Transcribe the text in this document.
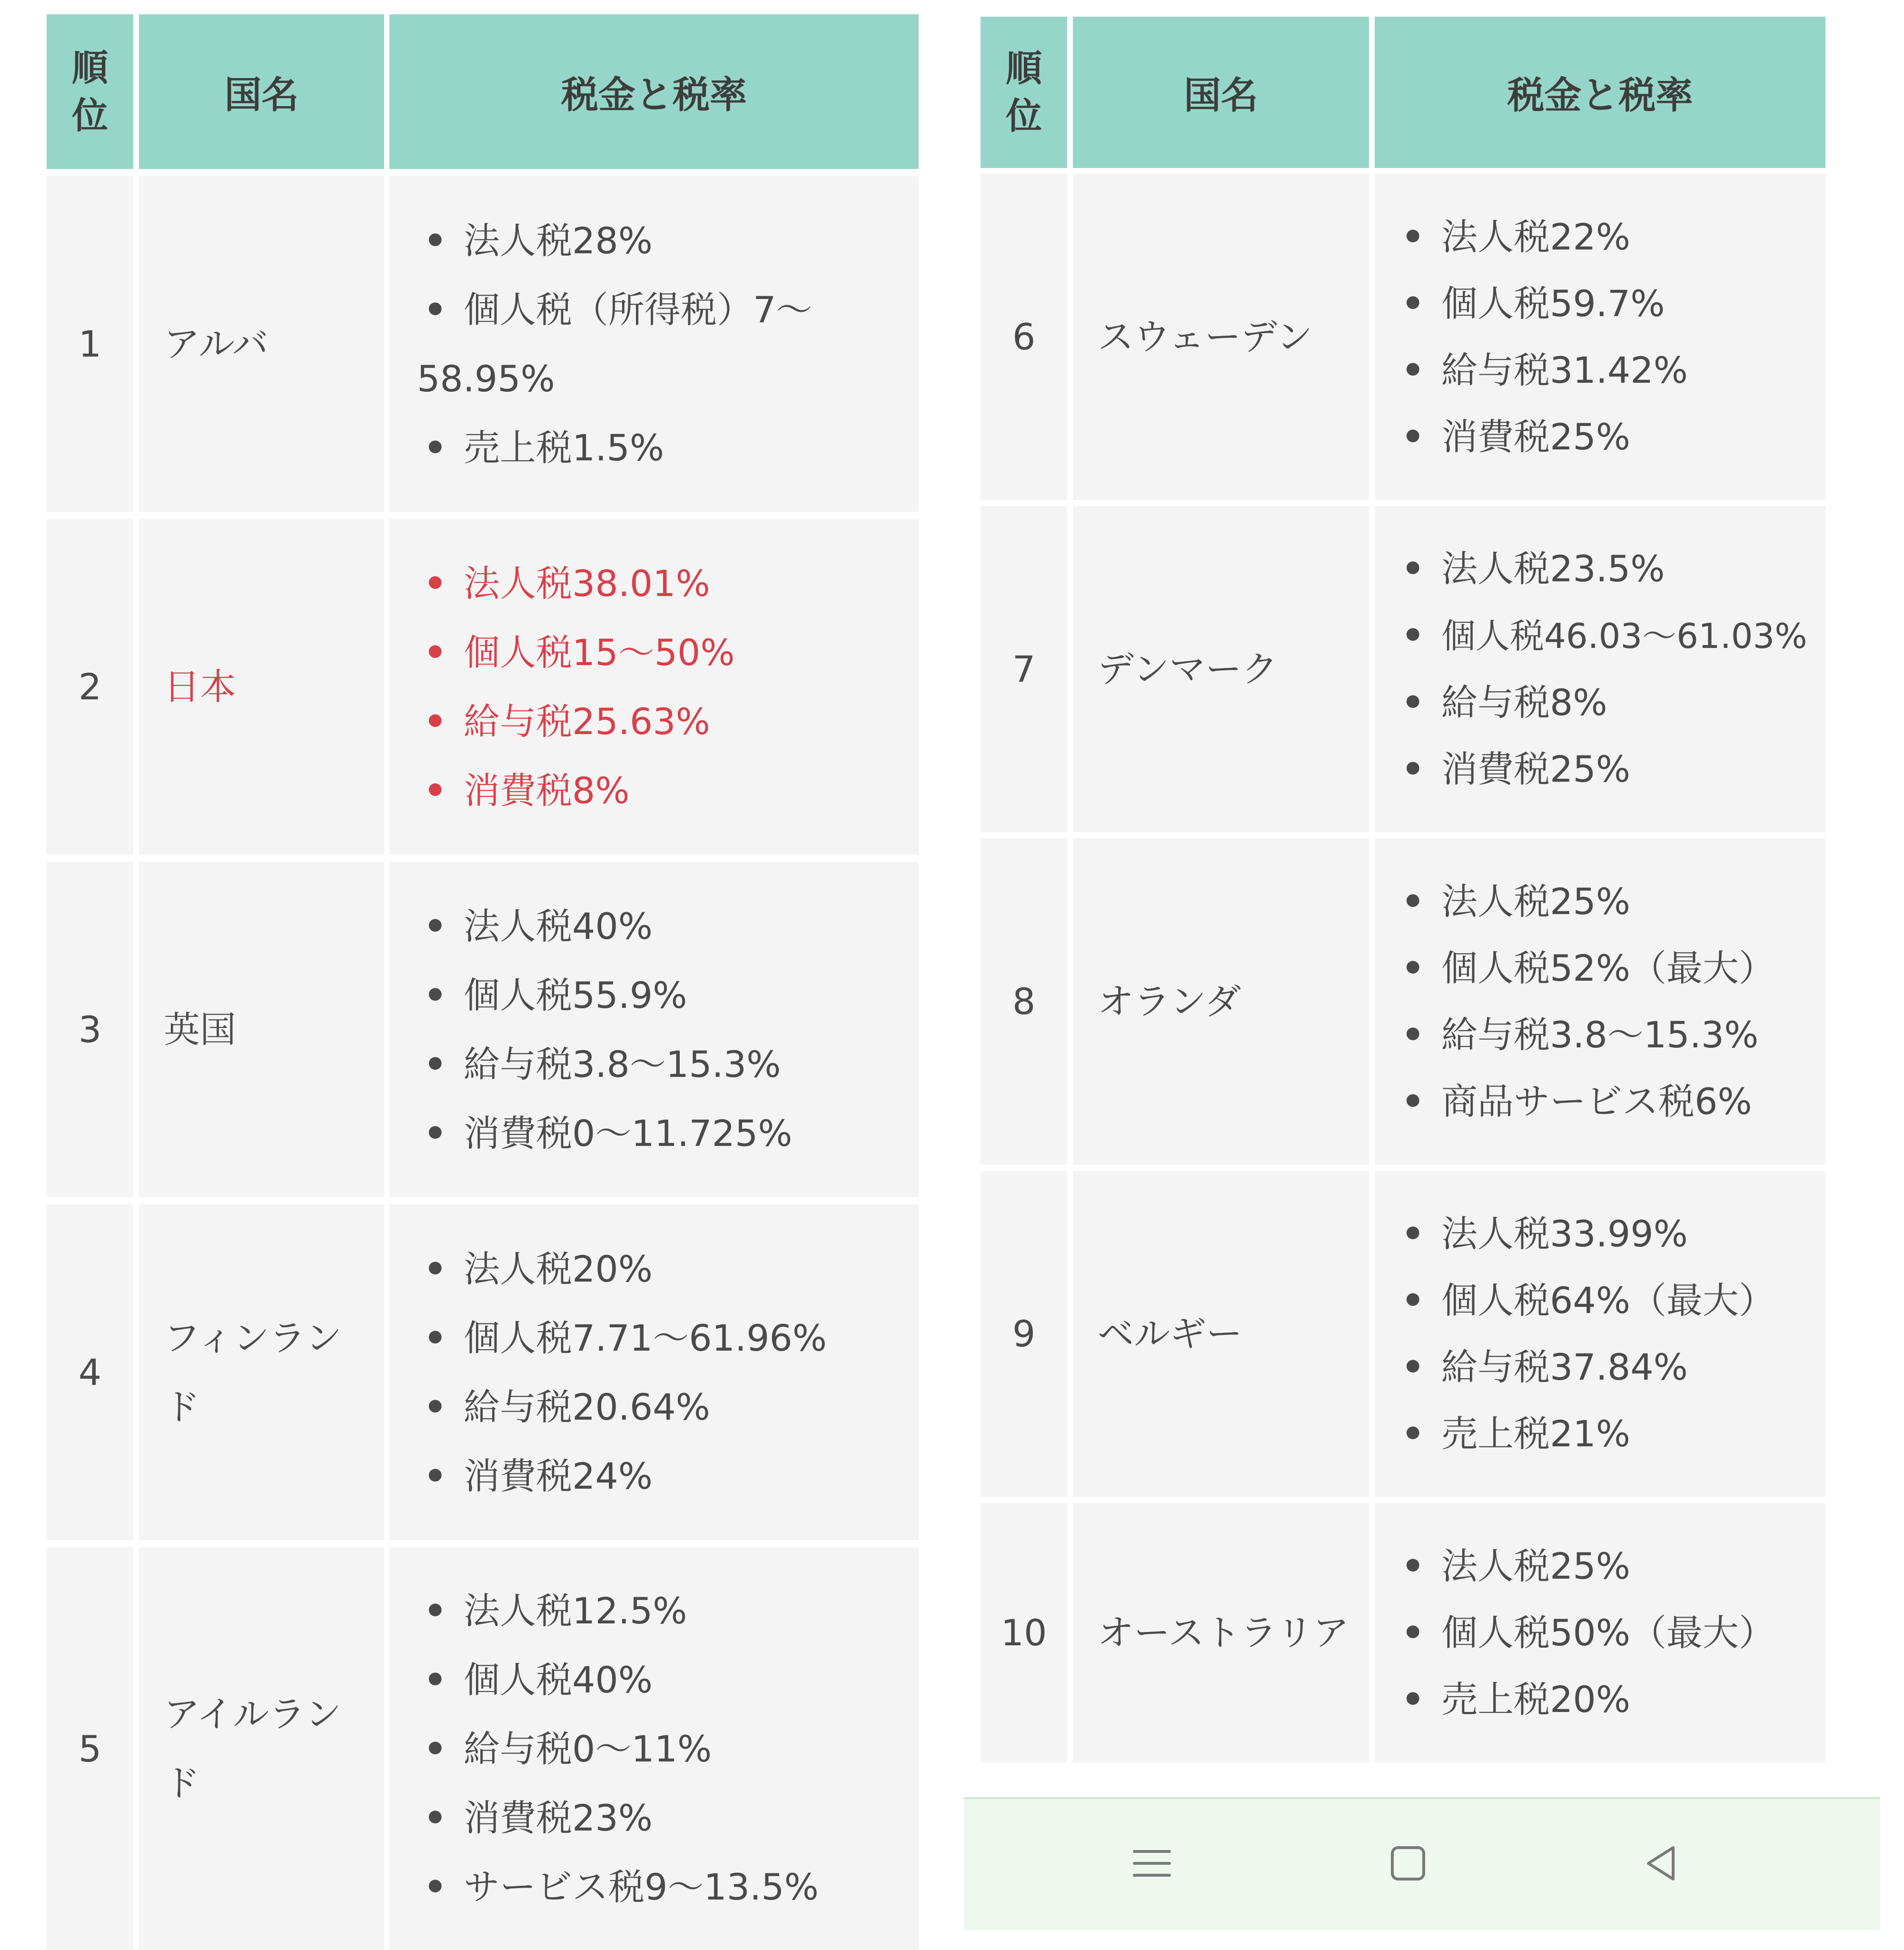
順位	国名	税金と税率
1 アルバ
• 法人税28%
• 個人税（所得税）7〜58.95%
• 売上税1.5%
2 日本
• 法人税38.01%
• 個人税15〜50%
• 給与税25.63%
• 消費税8%
3 英国
• 法人税40%
• 個人税55.9%
• 給与税3.8〜15.3%
• 消費税0〜11.725%
4
フィンランド
• 法人税20%
• 個人税7.71〜61.96%
• 給与税20.64%
• 消費税24%
5
アイルランド
• 法人税12.5%
• 個人税40%
• 給与税0〜11%
• 消費税23%
• サービス税9〜13.5%
順位	国名	税金と税率
6 スウェーデン
• 法人税22%
• 個人税59.7%
• 給与税31.42%
• 消費税25%
7 デンマーク
• 法人税23.5%
• 個人税46.03〜61.03%
• 給与税8%
• 消費税25%
8 オランダ
• 法人税25%
• 個人税52%（最大）
• 給与税3.8〜15.3%
• 商品サービス税6%
9 ベルギー
• 法人税33.99%
• 個人税64%（最大）
• 給与税37.84%
• 売上税21%
10 オーストラリア
• 法人税25%
• 個人税50%（最大）
• 売上税20%
